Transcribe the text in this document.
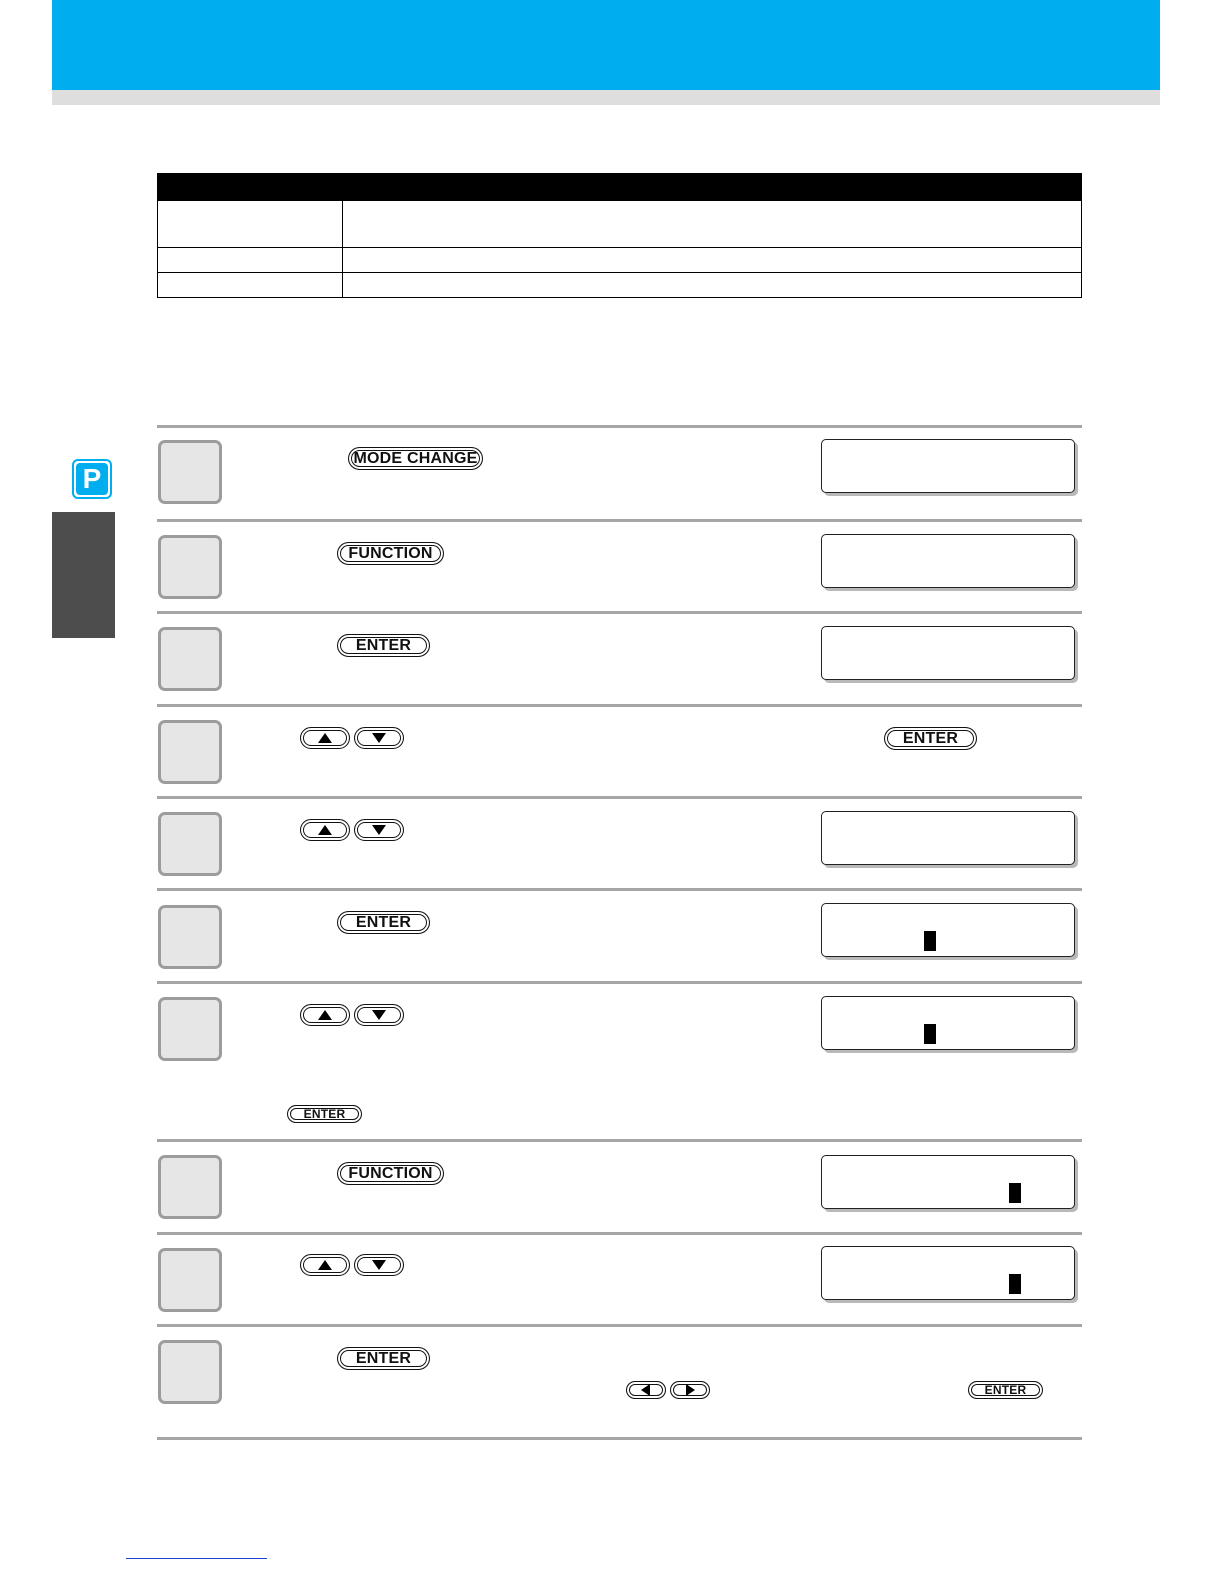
P

MODE CHANGE
FUNCTION
ENTER
ENTER
ENTER
ENTER
FUNCTION
ENTER
ENTER
